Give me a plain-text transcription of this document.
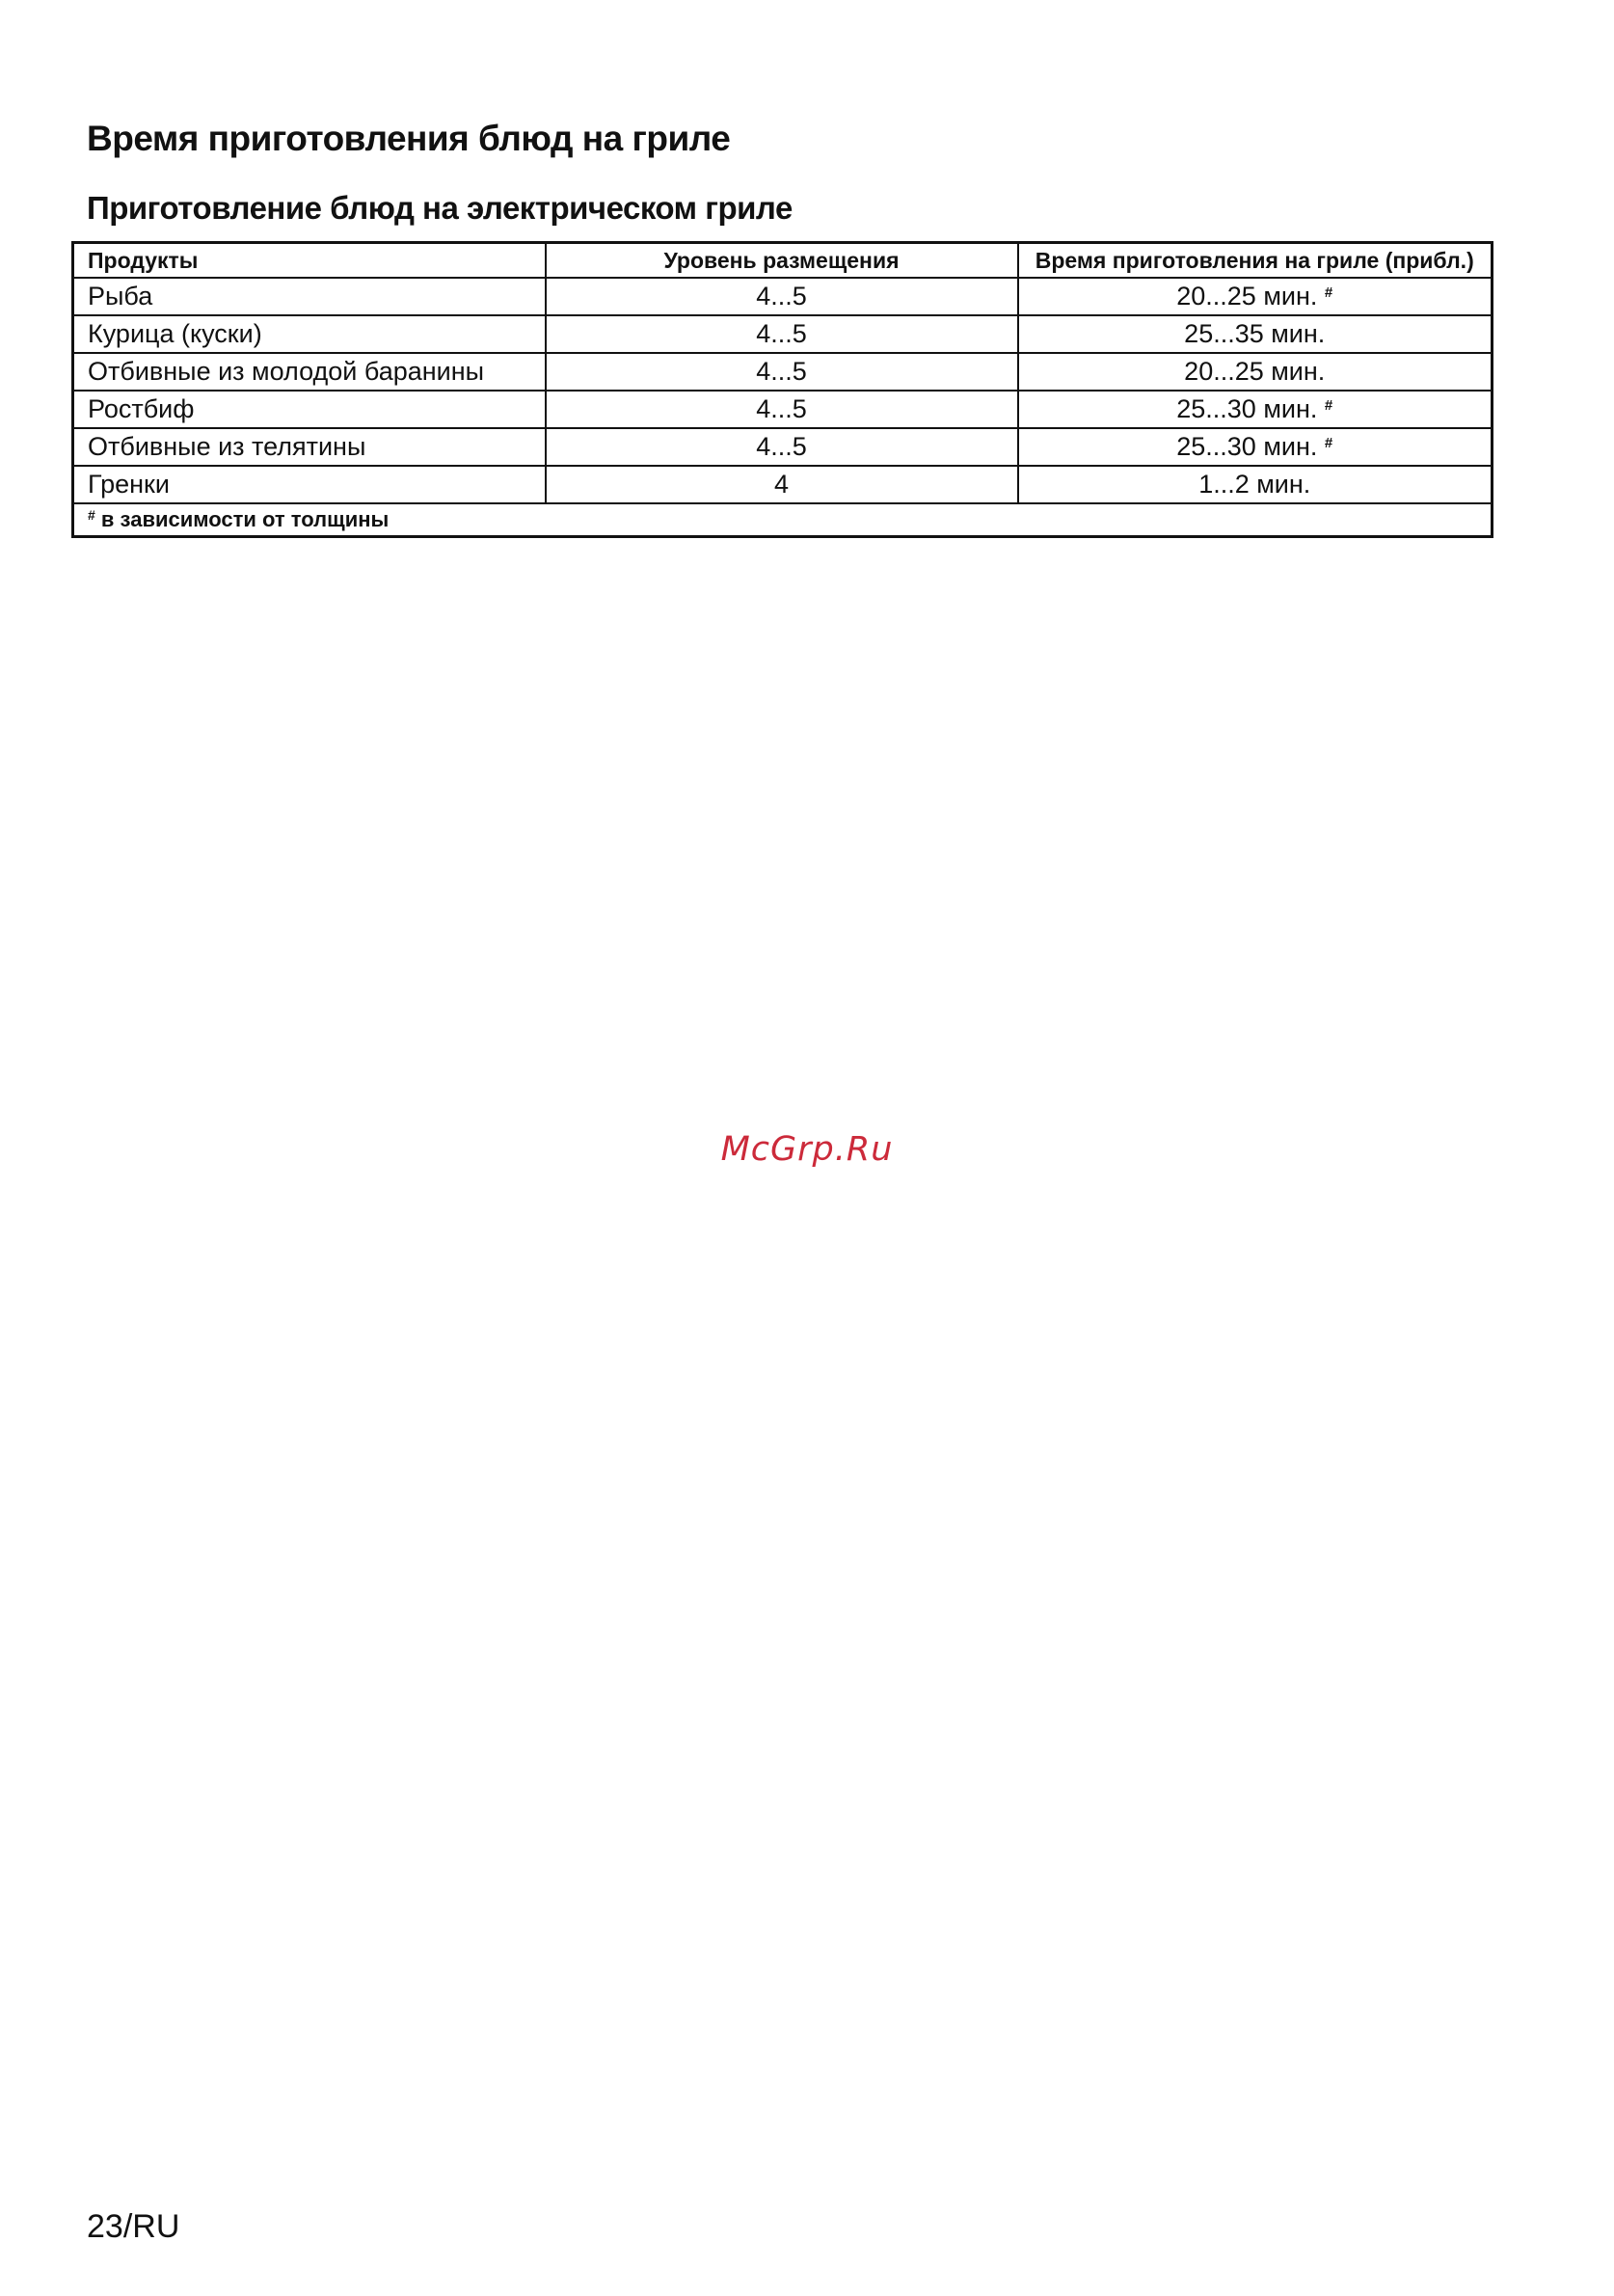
Время приготовления блюд на гриле
Приготовление блюд на электрическом гриле
Продукты	Уровень размещения	Время приготовления на гриле (прибл.)
Рыба	4...5	20...25 мин. #
Курица (куски)	4...5	25...35 мин.
Отбивные из молодой баранины	4...5	20...25 мин.
Ростбиф	4...5	25...30 мин. #
Отбивные из телятины	4...5	25...30 мин. #
Гренки	4	1...2 мин.
# в зависимости от толщины		
McGrp.Ru
23/RU
